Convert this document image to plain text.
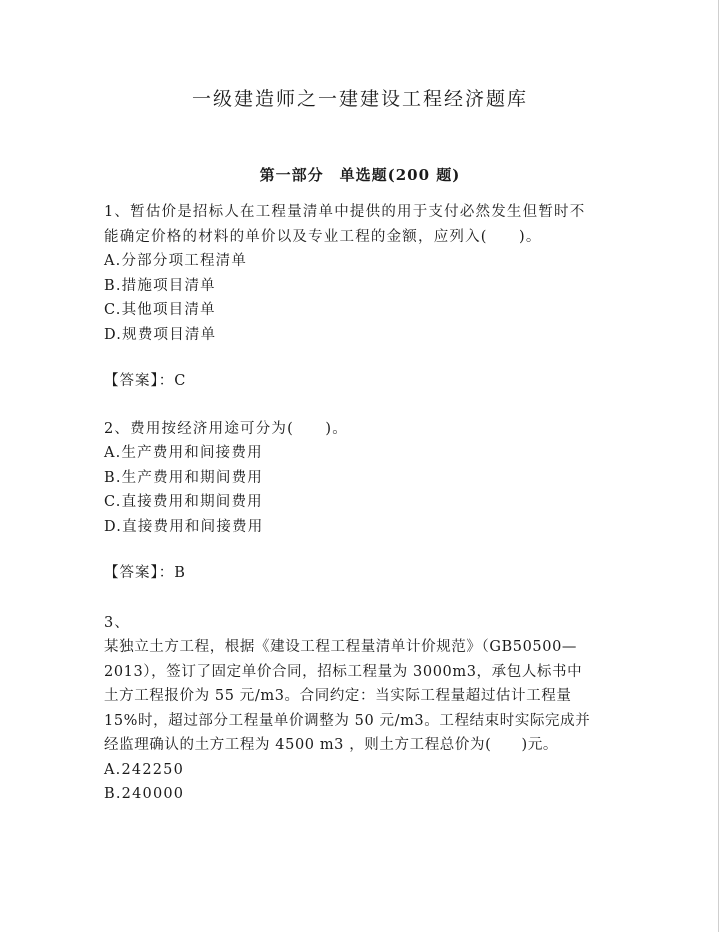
一级建造师之一建建设工程经济题库
第一部分　单选题(200 题)
1、暂估价是招标人在工程量清单中提供的用于支付必然发生但暂时不
能确定价格的材料的单价以及专业工程的金额，应列入(　　)。
A.分部分项工程清单
B.措施项目清单
C.其他项目清单
D.规费项目清单
【答案】：C
2、费用按经济用途可分为(　　)。
A.生产费用和间接费用
B.生产费用和期间费用
C.直接费用和期间费用
D.直接费用和间接费用
【答案】：B
3、
某独立土方工程，根据《建设工程工程量清单计价规范》（GB50500—
2013），签订了固定单价合同，招标工程量为 3000m3，承包人标书中
土方工程报价为 55 元/m3。合同约定：当实际工程量超过估计工程量
15%时，超过部分工程量单价调整为 50 元/m3。工程结束时实际完成并
经监理确认的土方工程为 4500 m3 ，则土方工程总价为(　　)元。
A.242250
B.240000
